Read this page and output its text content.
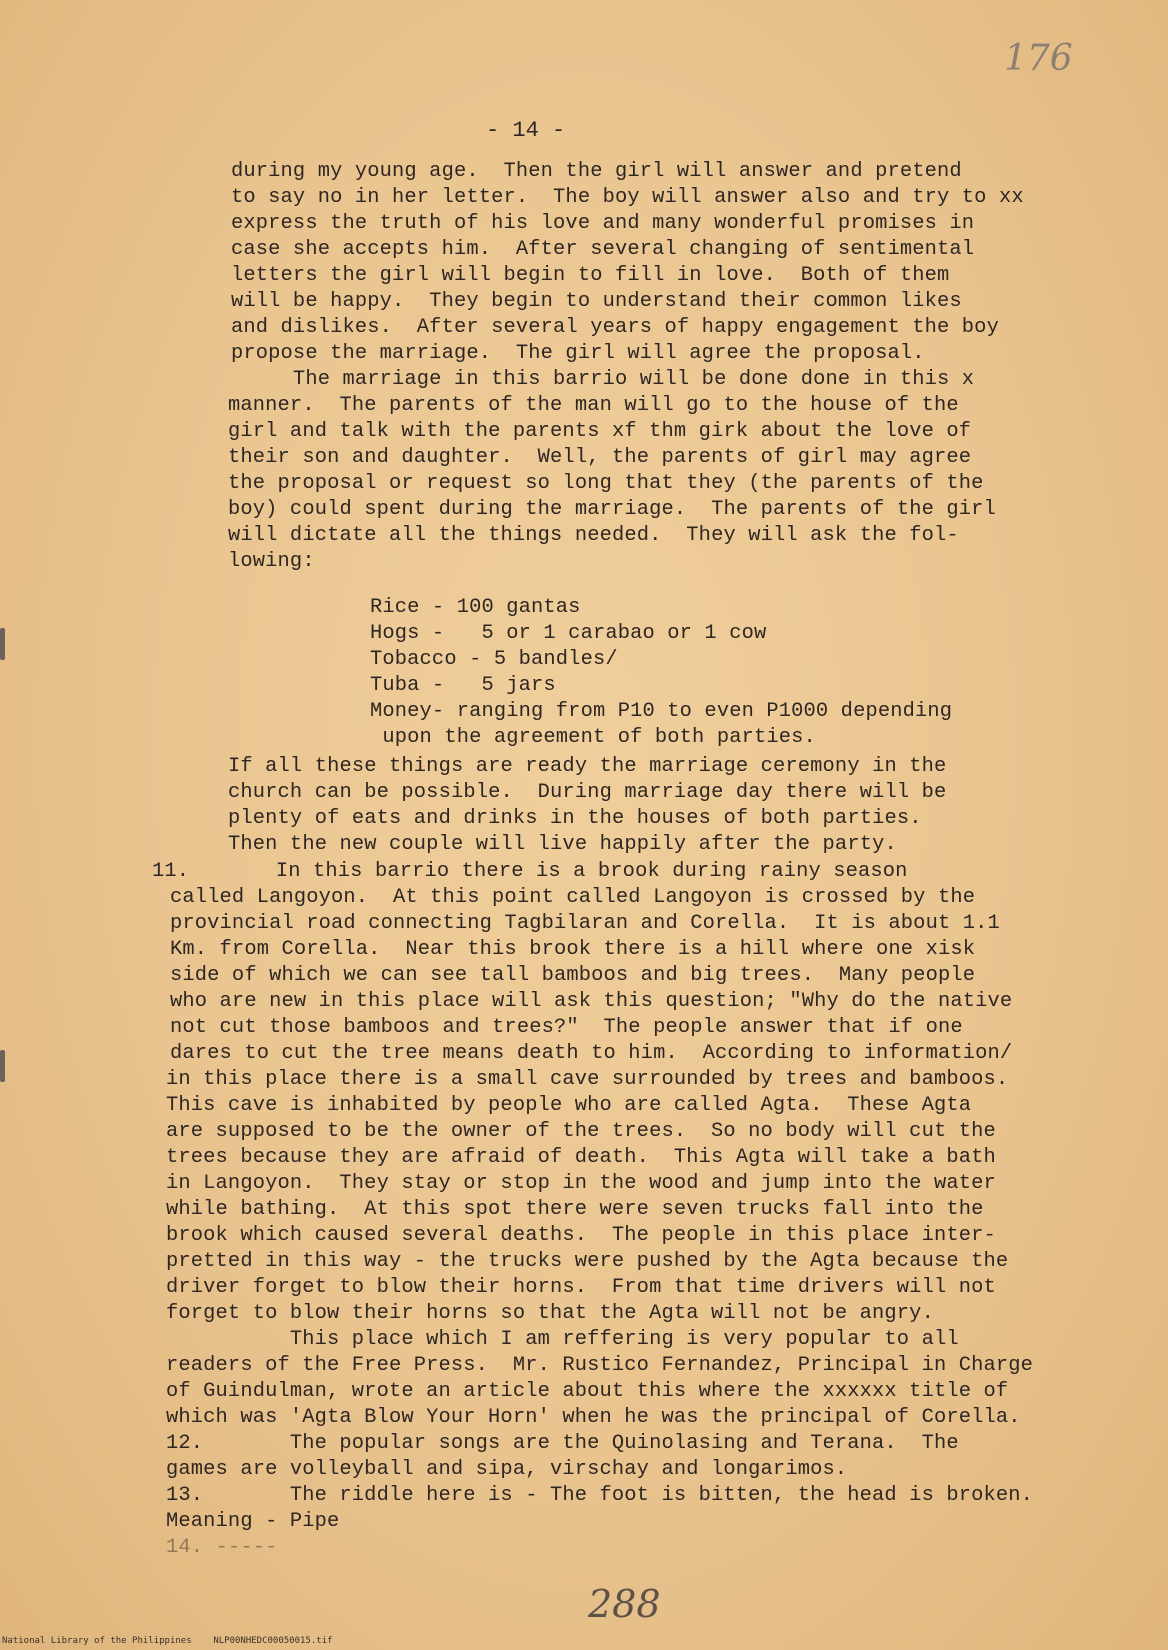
176
- 14 -
during my young age.  Then the girl will answer and pretend
to say no in her letter.  The boy will answer also and try to xx
express the truth of his love and many wonderful promises in
case she accepts him.  After several changing of sentimental
letters the girl will begin to fill in love.  Both of them
will be happy.  They begin to understand their common likes
and dislikes.  After several years of happy engagement the boy
propose the marriage.  The girl will agree the proposal.
The marriage in this barrio will be done done in this x
manner.  The parents of the man will go to the house of the
girl and talk with the parents xf thm girk about the love of
their son and daughter.  Well, the parents of girl may agree
the proposal or request so long that they (the parents of the
boy) could spent during the marriage.  The parents of the girl
will dictate all the things needed.  They will ask the fol-
lowing:
Rice - 100 gantas
Hogs -   5 or 1 carabao or 1 cow
Tobacco - 5 bandles/
Tuba -   5 jars
Money- ranging from P10 to even P1000 depending
upon the agreement of both parties.
If all these things are ready the marriage ceremony in the
church can be possible.  During marriage day there will be
plenty of eats and drinks in the houses of both parties.
Then the new couple will live happily after the party.
11.       In this barrio there is a brook during rainy season
called Langoyon.  At this point called Langoyon is crossed by the
provincial road connecting Tagbilaran and Corella.  It is about 1.1
Km. from Corella.  Near this brook there is a hill where one xisk
side of which we can see tall bamboos and big trees.  Many people
who are new in this place will ask this question; "Why do the native
not cut those bamboos and trees?"  The people answer that if one
dares to cut the tree means death to him.  According to information/
in this place there is a small cave surrounded by trees and bamboos.
This cave is inhabited by people who are called Agta.  These Agta
are supposed to be the owner of the trees.  So no body will cut the
trees because they are afraid of death.  This Agta will take a bath
in Langoyon.  They stay or stop in the wood and jump into the water
while bathing.  At this spot there were seven trucks fall into the
brook which caused several deaths.  The people in this place inter-
pretted in this way - the trucks were pushed by the Agta because the
driver forget to blow their horns.  From that time drivers will not
forget to blow their horns so that the Agta will not be angry.
This place which I am reffering is very popular to all
readers of the Free Press.  Mr. Rustico Fernandez, Principal in Charge
of Guindulman, wrote an article about this where the xxxxxx title of
which was 'Agta Blow Your Horn' when he was the principal of Corella.
12.       The popular songs are the Quinolasing and Terana.  The
games are volleyball and sipa, virschay and longarimos.
13.       The riddle here is - The foot is bitten, the head is broken.
Meaning - Pipe
14. -----
288
National Library of the Philippines    NLP00NHEDC00050015.tif
